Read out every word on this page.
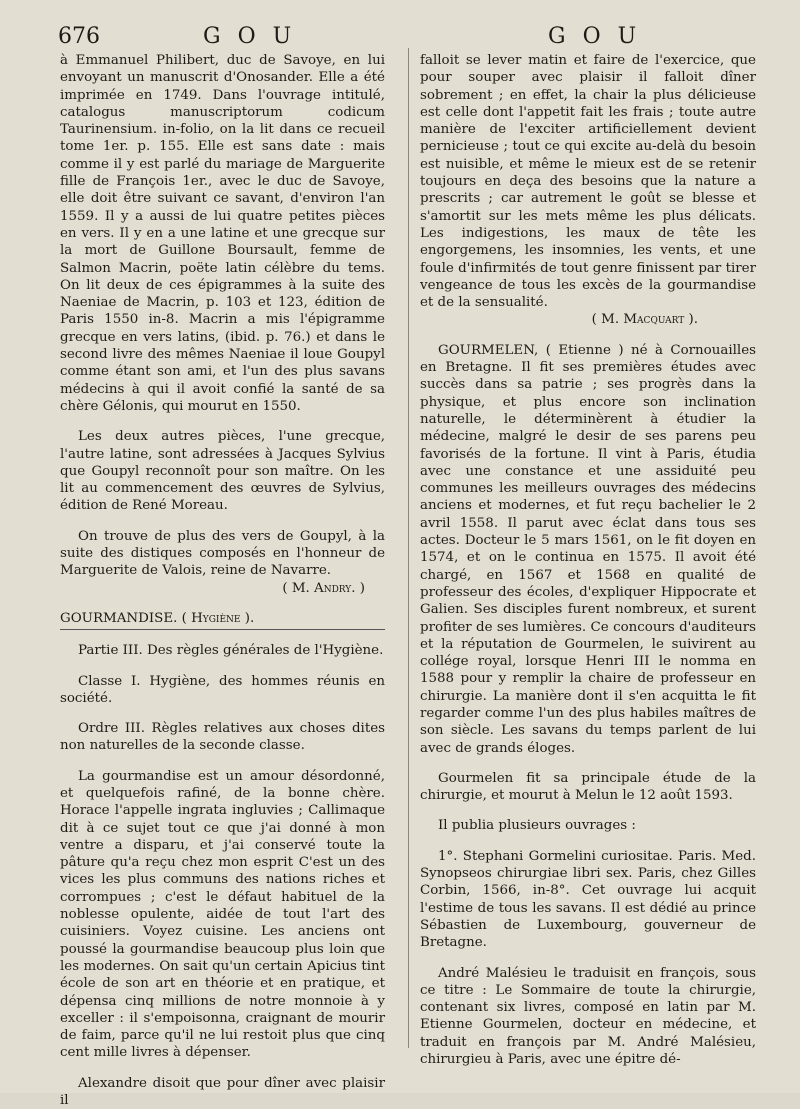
676	G O U	G O U

à Emmanuel Philibert, duc de Savoye, en lui envoyant un manuscrit d'Onosander. Elle a été imprimée en 1749. Dans l'ouvrage intitulé, catalogus manuscriptorum codicum Taurinensium. in-folio, on la lit dans ce recueil tome 1er. p. 155. Elle est sans date : mais comme il y est parlé du mariage de Marguerite fille de François 1er., avec le duc de Savoye, elle doit être suivant ce savant, d'environ l'an 1559. Il y a aussi de lui quatre petites pièces en vers. Il y en a une latine et une grecque sur la mort de Guillone Boursault, femme de Salmon Macrin, poëte latin célèbre du tems. On lit deux de ces épigrammes à la suite des Naeniae de Macrin, p. 103 et 123, édition de Paris 1550 in-8. Macrin a mis l'épigramme grecque en vers latins, (ibid. p. 76.) et dans le second livre des mêmes Naeniae il loue Goupyl comme étant son ami, et l'un des plus savans médecins à qui il avoit confié la santé de sa chère Gélonis, qui mourut en 1550.

Les deux autres pièces, l'une grecque, l'autre latine, sont adressées à Jacques Sylvius que Goupyl reconnoît pour son maître. On les lit au commencement des œuvres de Sylvius, édition de René Moreau.

On trouve de plus des vers de Goupyl, à la suite des distiques composés en l'honneur de Marguerite de Valois, reine de Navarre.

( M. Andry. )

GOURMANDISE. ( Hygiène ).

Partie III. Des règles générales de l'Hygiène.

Classe I. Hygiène, des hommes réunis en société.

Ordre III. Règles relatives aux choses dites non naturelles de la seconde classe.

La gourmandise est un amour désordonné, et quelquefois rafiné, de la bonne chère. Horace l'appelle ingrata ingluvies ; Callimaque dit à ce sujet tout ce que j'ai donné à mon ventre a disparu, et j'ai conservé toute la pâture qu'a reçu chez mon esprit C'est un des vices les plus communs des nations riches et corrompues ; c'est le défaut habituel de la noblesse opulente, aidée de tout l'art des cuisiniers. Voyez cuisine. Les anciens ont poussé la gourmandise beaucoup plus loin que les modernes. On sait qu'un certain Apicius tint école de son art en théorie et en pratique, et dépensa cinq millions de notre monnoie à y exceller : il s'empoisonna, craignant de mourir de faim, parce qu'il ne lui restoit plus que cinq cent mille livres à dépenser.

Alexandre disoit que pour dîner avec plaisir il

falloit se lever matin et faire de l'exercice, que pour souper avec plaisir il falloit dîner sobrement ; en effet, la chair la plus délicieuse est celle dont l'appetit fait les frais ; toute autre manière de l'exciter artificiellement devient pernicieuse ; tout ce qui excite au-delà du besoin est nuisible, et même le mieux est de se retenir toujours en deça des besoins que la nature a prescrits ; car autrement le goût se blesse et s'amortit sur les mets même les plus délicats. Les indigestions, les maux de tête les engorgemens, les insomnies, les vents, et une foule d'infirmités de tout genre finissent par tirer vengeance de tous les excès de la gourmandise et de la sensualité.

( M. Macquart ).

GOURMELEN, ( Etienne ) né à Cornouailles en Bretagne. Il fit ses premières études avec succès dans sa patrie ; ses progrès dans la physique, et plus encore son inclination naturelle, le déterminèrent à étudier la médecine, malgré le desir de ses parens peu favorisés de la fortune. Il vint à Paris, étudia avec une constance et une assiduité peu communes les meilleurs ouvrages des médecins anciens et modernes, et fut reçu bachelier le 2 avril 1558. Il parut avec éclat dans tous ses actes. Docteur le 5 mars 1561, on le fit doyen en 1574, et on le continua en 1575. Il avoit été chargé, en 1567 et 1568 en qualité de professeur des écoles, d'expliquer Hippocrate et Galien. Ses disciples furent nombreux, et surent profiter de ses lumières. Ce concours d'auditeurs et la réputation de Gourmelen, le suivirent au collége royal, lorsque Henri III le nomma en 1588 pour y remplir la chaire de professeur en chirurgie. La manière dont il s'en acquitta le fit regarder comme l'un des plus habiles maîtres de son siècle. Les savans du temps parlent de lui avec de grands éloges.

Gourmelen fit sa principale étude de la chirurgie, et mourut à Melun le 12 août 1593.

Il publia plusieurs ouvrages :

1°. Stephani Gormelini curiositae. Paris. Med. Synopseos chirurgiae libri sex. Paris, chez Gilles Corbin, 1566, in-8°. Cet ouvrage lui acquit l'estime de tous les savans. Il est dédié au prince Sébastien de Luxembourg, gouverneur de Bretagne.

André Malésieu le traduisit en françois, sous ce titre : Le Sommaire de toute la chirurgie, contenant six livres, composé en latin par M. Etienne Gourmelen, docteur en médecine, et traduit en françois par M. André Malésieu, chirurgieu à Paris, avec une épitre dé-
